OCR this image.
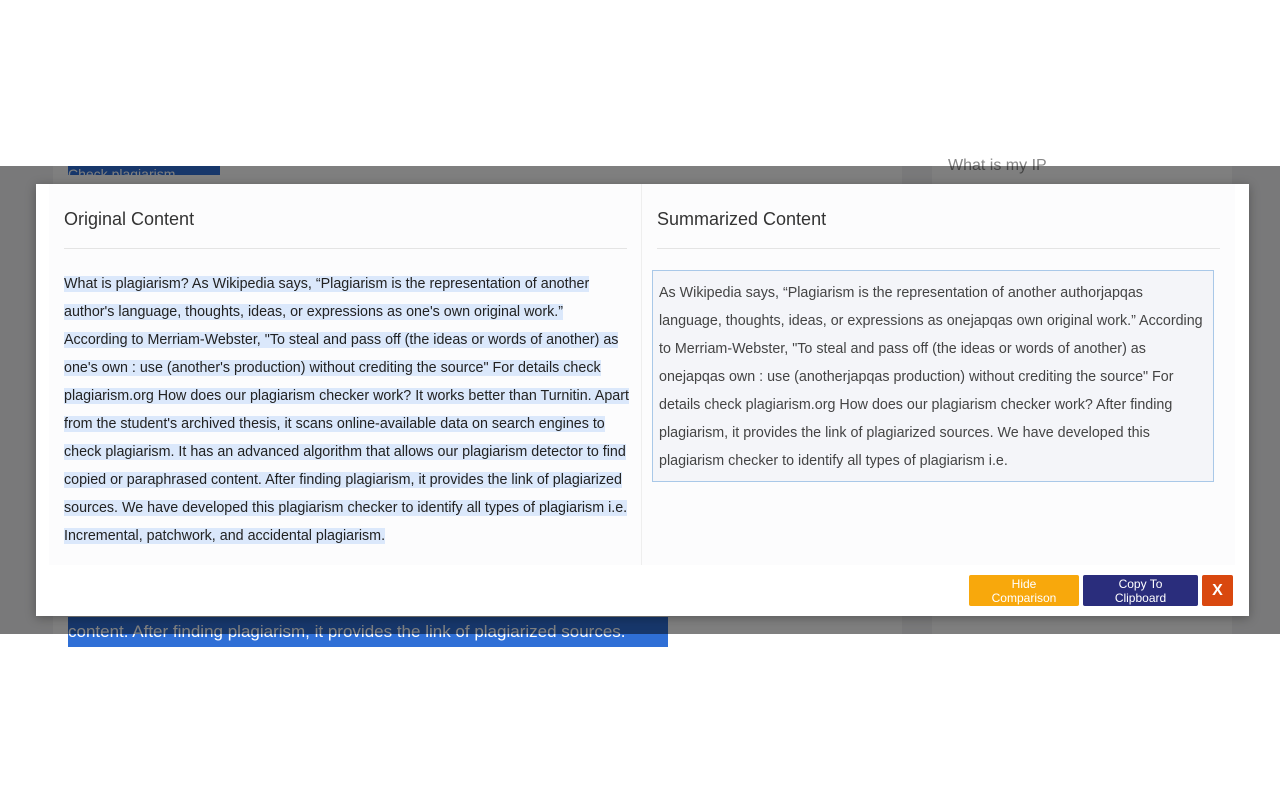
Original Content
What is plagiarism? As Wikipedia says, “Plagiarism is the representation of another author's language, thoughts, ideas, or expressions as one's own original work.” According to Merriam-Webster, "To steal and pass off (the ideas or words of another) as one's own : use (another's production) without crediting the source" For details check plagiarism.org How does our plagiarism checker work? It works better than Turnitin. Apart from the student's archived thesis, it scans online-available data on search engines to check plagiarism. It has an advanced algorithm that allows our plagiarism detector to find copied or paraphrased content. After finding plagiarism, it provides the link of plagiarized sources. We have developed this plagiarism checker to identify all types of plagiarism i.e. Incremental, patchwork, and accidental plagiarism.
Summarized Content
As Wikipedia says, “Plagiarism is the representation of another authorjapqas language, thoughts, ideas, or expressions as onejapqas own original work.” According to Merriam-Webster, "To steal and pass off (the ideas or words of another) as onejapqas own : use (anotherjapqas production) without crediting the source" For details check plagiarism.org How does our plagiarism checker work? After finding plagiarism, it provides the link of plagiarized sources. We have developed this plagiarism checker to identify all types of plagiarism i.e.
Hide Comparison
Copy To Clipboard	X
